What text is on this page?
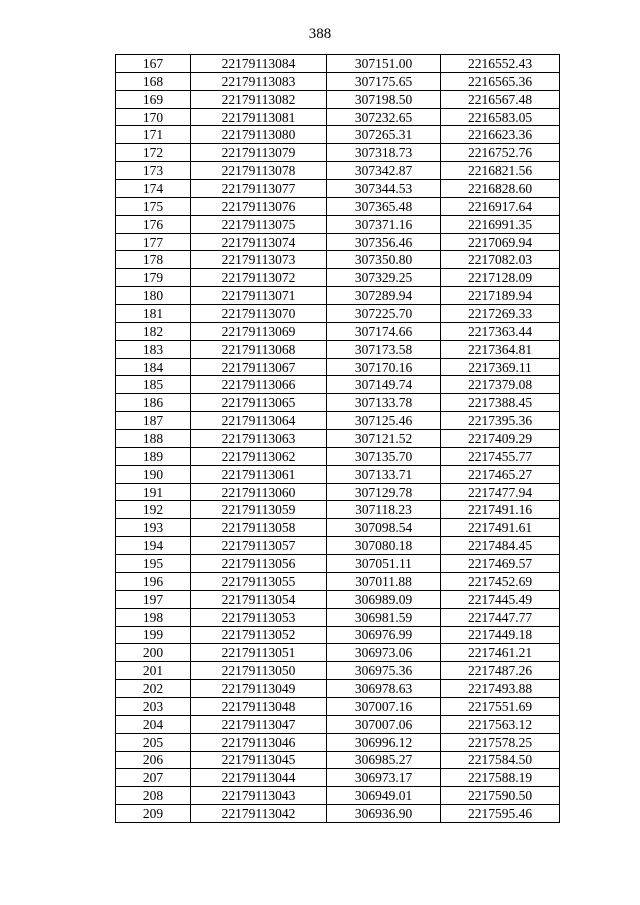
388
167	22179113084	307151.00	2216552.43
168	22179113083	307175.65	2216565.36
169	22179113082	307198.50	2216567.48
170	22179113081	307232.65	2216583.05
171	22179113080	307265.31	2216623.36
172	22179113079	307318.73	2216752.76
173	22179113078	307342.87	2216821.56
174	22179113077	307344.53	2216828.60
175	22179113076	307365.48	2216917.64
176	22179113075	307371.16	2216991.35
177	22179113074	307356.46	2217069.94
178	22179113073	307350.80	2217082.03
179	22179113072	307329.25	2217128.09
180	22179113071	307289.94	2217189.94
181	22179113070	307225.70	2217269.33
182	22179113069	307174.66	2217363.44
183	22179113068	307173.58	2217364.81
184	22179113067	307170.16	2217369.11
185	22179113066	307149.74	2217379.08
186	22179113065	307133.78	2217388.45
187	22179113064	307125.46	2217395.36
188	22179113063	307121.52	2217409.29
189	22179113062	307135.70	2217455.77
190	22179113061	307133.71	2217465.27
191	22179113060	307129.78	2217477.94
192	22179113059	307118.23	2217491.16
193	22179113058	307098.54	2217491.61
194	22179113057	307080.18	2217484.45
195	22179113056	307051.11	2217469.57
196	22179113055	307011.88	2217452.69
197	22179113054	306989.09	2217445.49
198	22179113053	306981.59	2217447.77
199	22179113052	306976.99	2217449.18
200	22179113051	306973.06	2217461.21
201	22179113050	306975.36	2217487.26
202	22179113049	306978.63	2217493.88
203	22179113048	307007.16	2217551.69
204	22179113047	307007.06	2217563.12
205	22179113046	306996.12	2217578.25
206	22179113045	306985.27	2217584.50
207	22179113044	306973.17	2217588.19
208	22179113043	306949.01	2217590.50
209	22179113042	306936.90	2217595.46
